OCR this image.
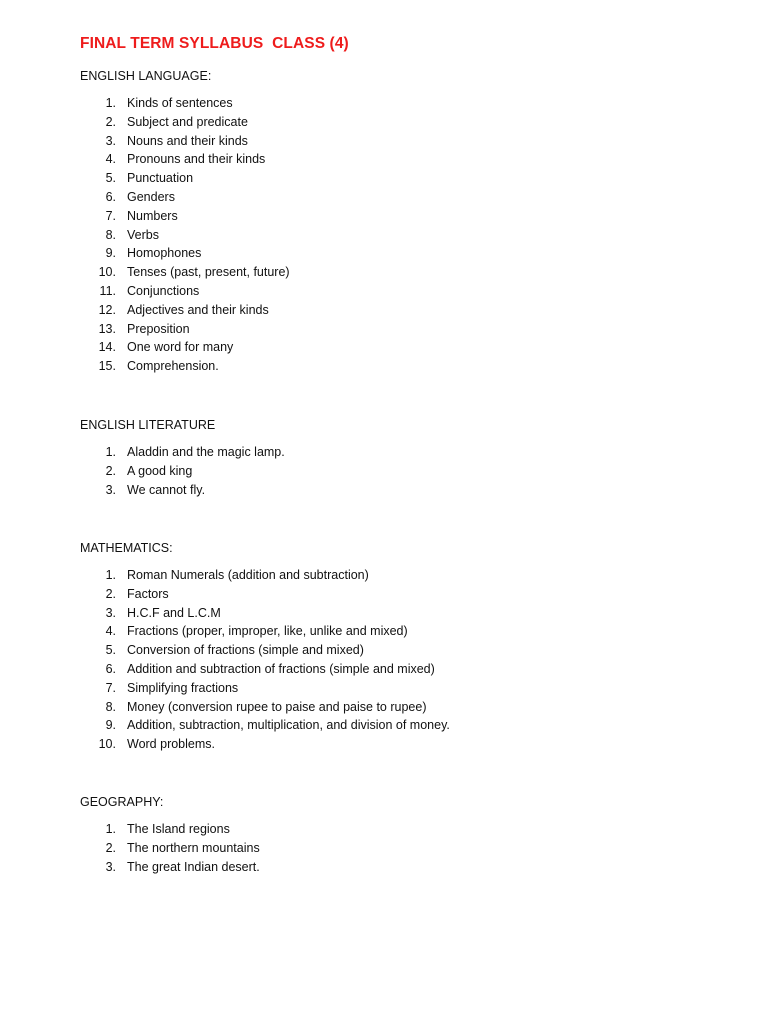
FINAL TERM SYLLABUS  CLASS (4)
ENGLISH LANGUAGE:
1. Kinds of sentences
2. Subject and predicate
3. Nouns and their kinds
4. Pronouns and their kinds
5. Punctuation
6. Genders
7. Numbers
8. Verbs
9. Homophones
10. Tenses (past, present, future)
11. Conjunctions
12. Adjectives and their kinds
13. Preposition
14. One word for many
15. Comprehension.
ENGLISH LITERATURE
1. Aladdin and the magic lamp.
2. A good king
3. We cannot fly.
MATHEMATICS:
1. Roman Numerals (addition and subtraction)
2. Factors
3. H.C.F and L.C.M
4. Fractions (proper, improper, like, unlike and mixed)
5. Conversion of fractions (simple and mixed)
6. Addition and subtraction of fractions (simple and mixed)
7. Simplifying fractions
8. Money (conversion rupee to paise and paise to rupee)
9. Addition, subtraction, multiplication, and division of money.
10. Word problems.
GEOGRAPHY:
1. The Island regions
2. The northern mountains
3. The great Indian desert.
